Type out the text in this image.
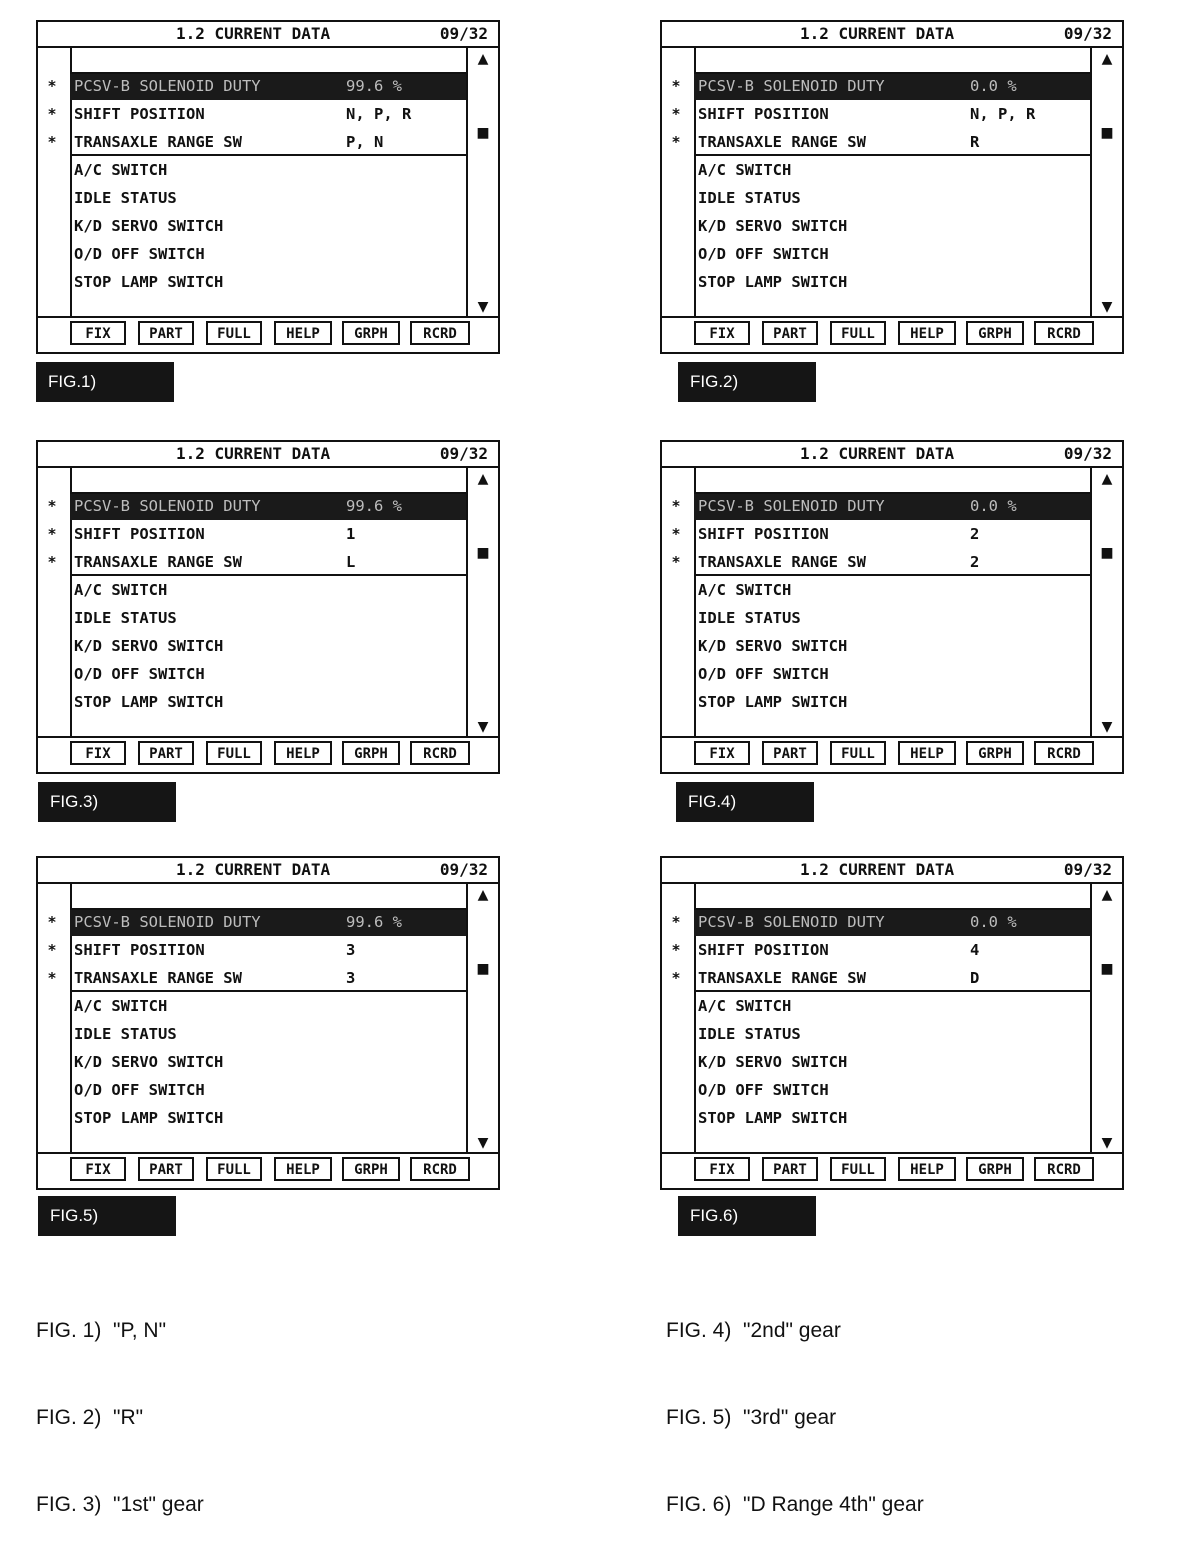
1.2 CURRENT DATA	09/32
▲
■
▼
*	PCSV-B SOLENOID DUTY	99.6 %
*	SHIFT POSITION	N, P, R
*	TRANSAXLE RANGE SW	P, N
A/C SWITCH
IDLE STATUS
K/D SERVO SWITCH
O/D OFF SWITCH
STOP LAMP SWITCH
FIX	PART	FULL	HELP	GRPH	RCRD
FIG.1)
1.2 CURRENT DATA	09/32
▲
■
▼
*	PCSV-B SOLENOID DUTY	0.0 %
*	SHIFT POSITION	N, P, R
*	TRANSAXLE RANGE SW	R
A/C SWITCH
IDLE STATUS
K/D SERVO SWITCH
O/D OFF SWITCH
STOP LAMP SWITCH
FIX	PART	FULL	HELP	GRPH	RCRD
FIG.2)
1.2 CURRENT DATA	09/32
▲
■
▼
*	PCSV-B SOLENOID DUTY	99.6 %
*	SHIFT POSITION	1
*	TRANSAXLE RANGE SW	L
A/C SWITCH
IDLE STATUS
K/D SERVO SWITCH
O/D OFF SWITCH
STOP LAMP SWITCH
FIX	PART	FULL	HELP	GRPH	RCRD
FIG.3)
1.2 CURRENT DATA	09/32
▲
■
▼
*	PCSV-B SOLENOID DUTY	0.0 %
*	SHIFT POSITION	2
*	TRANSAXLE RANGE SW	2
A/C SWITCH
IDLE STATUS
K/D SERVO SWITCH
O/D OFF SWITCH
STOP LAMP SWITCH
FIX	PART	FULL	HELP	GRPH	RCRD
FIG.4)
1.2 CURRENT DATA	09/32
▲
■
▼
*	PCSV-B SOLENOID DUTY	99.6 %
*	SHIFT POSITION	3
*	TRANSAXLE RANGE SW	3
A/C SWITCH
IDLE STATUS
K/D SERVO SWITCH
O/D OFF SWITCH
STOP LAMP SWITCH
FIX	PART	FULL	HELP	GRPH	RCRD
FIG.5)
1.2 CURRENT DATA	09/32
▲
■
▼
*	PCSV-B SOLENOID DUTY	0.0 %
*	SHIFT POSITION	4
*	TRANSAXLE RANGE SW	D
A/C SWITCH
IDLE STATUS
K/D SERVO SWITCH
O/D OFF SWITCH
STOP LAMP SWITCH
FIX	PART	FULL	HELP	GRPH	RCRD
FIG.6)

FIG. 1)  "P, N"

FIG. 2)  "R"

FIG. 3)  "1st" gear

FIG. 4)  "2nd" gear

FIG. 5)  "3rd" gear

FIG. 6)  "D Range 4th" gear
